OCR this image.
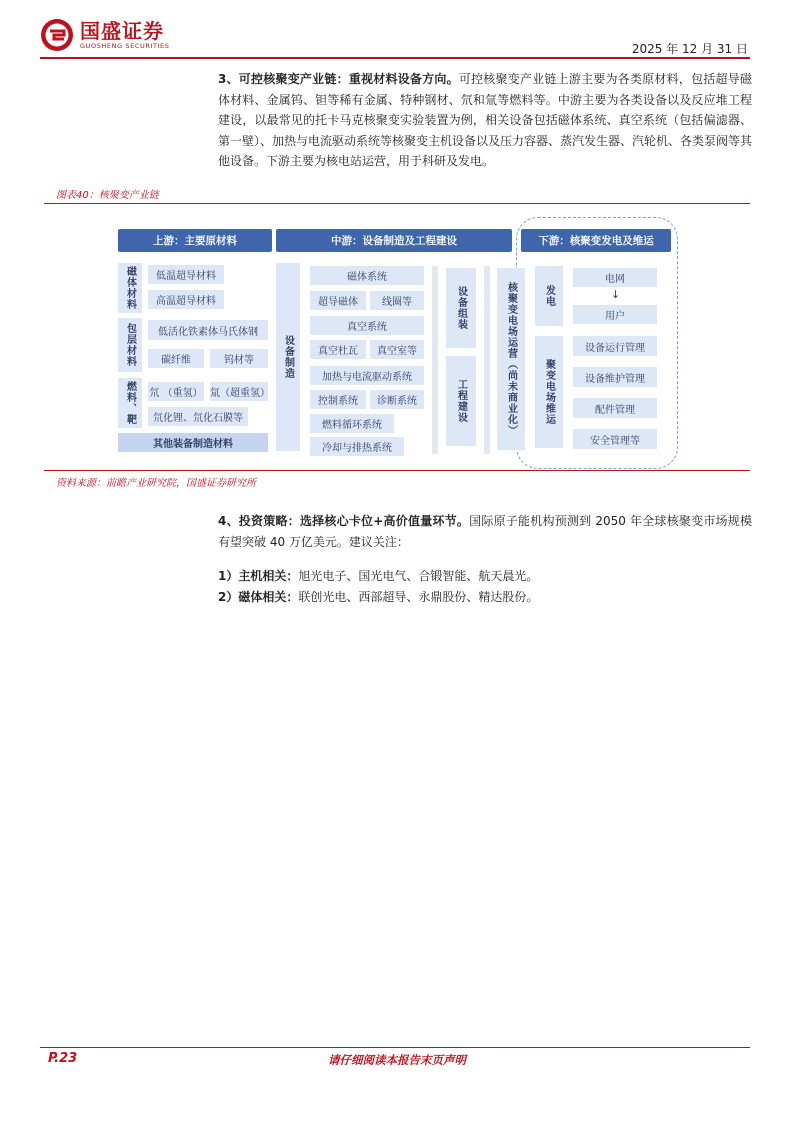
国盛证券
GUOSHENG SECURITIES	2025 年 12 月 31 日
3、可控核聚变产业链：重视材料设备方向。可控核聚变产业链上游主要为各类原材料，包括超导磁体材料、金属钨、钽等稀有金属、特种钢材、氘和氚等燃料等。中游主要为各类设备以及反应堆工程建设，以最常见的托卡马克核聚变实验装置为例，相关设备包括磁体系统、真空系统（包括偏滤器、第一壁）、加热与电流驱动系统等核聚变主机设备以及压力容器、蒸汽发生器、汽轮机、各类泵阀等其他设备。下游主要为核电站运营，用于科研及发电。
图表40：核聚变产业链
上游：主要原材料	中游：设备制造及工程建设	下游：核聚变发电及维运
磁体材料	低温超导材料
高温超导材料
包层材料	低活化铁素体马氏体钢
碳纤维	钨材等
燃料、靶	氘 （重氢） 氚（超重氢）
氘化锂、氘化石膜等
其他装备制造材料
设备制造
磁体系统
超导磁体	线圈等
真空系统
真空杜瓦	真空室等
加热与电流驱动系统
控制系统	诊断系统
燃料循环系统
冷却与排热系统
设备组装
工程建设	核聚变电场运营（尚未商业化）	发电
电网
↓
用户
聚变电场维运
设备运行管理
设备维护管理
配件管理
安全管理等
资料来源：前瞻产业研究院，国盛证券研究所
4、投资策略：选择核心卡位+高价值量环节。国际原子能机构预测到 2050 年全球核聚变市场规模有望突破 40 万亿美元。建议关注：
1）主机相关：旭光电子、国光电气、合锻智能、航天晨光。
2）磁体相关：联创光电、西部超导、永鼎股份、精达股份。
P.23	请仔细阅读本报告末页声明
